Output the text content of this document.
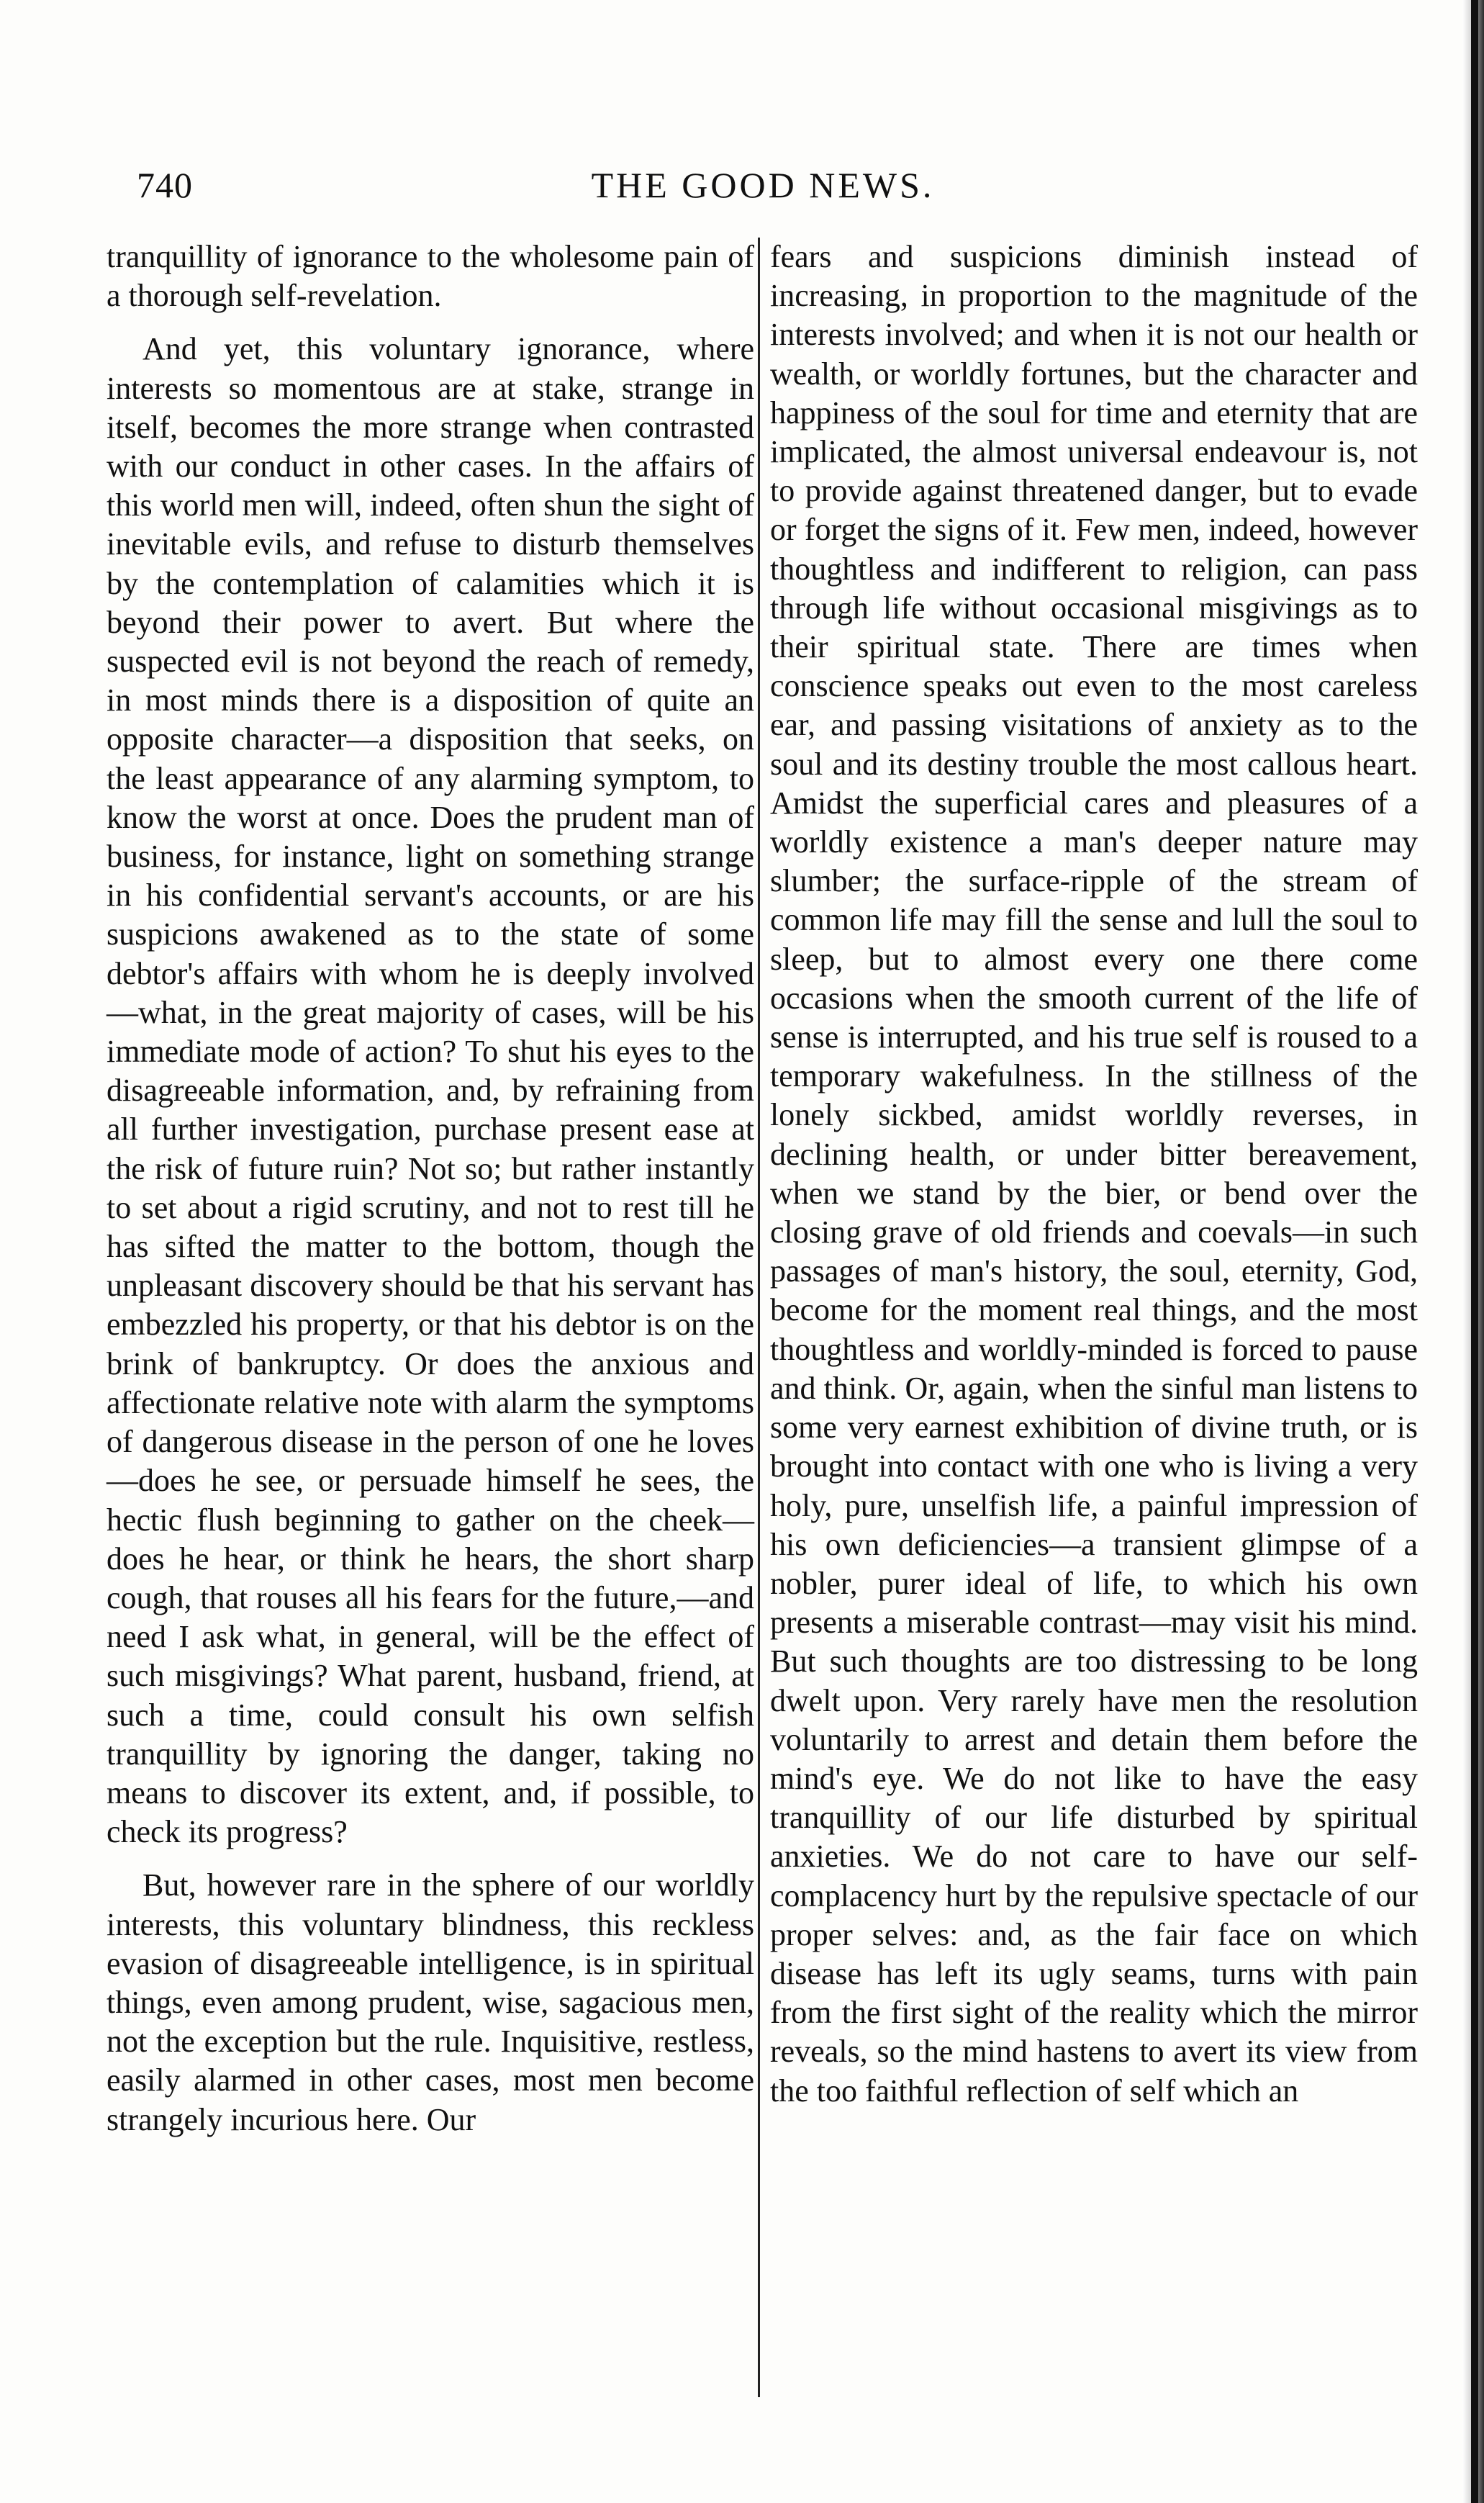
740	THE GOOD NEWS.

tranquillity of ignorance to the wholesome pain of a thorough self-revelation.

And yet, this voluntary ignorance, where interests so momentous are at stake, strange in itself, becomes the more strange when contrasted with our conduct in other cases. In the affairs of this world men will, indeed, often shun the sight of inevitable evils, and refuse to disturb themselves by the contemplation of calamities which it is beyond their power to avert. But where the suspected evil is not beyond the reach of remedy, in most minds there is a disposition of quite an opposite character—a disposition that seeks, on the least appearance of any alarming symptom, to know the worst at once. Does the prudent man of business, for instance, light on something strange in his confidential servant's accounts, or are his suspicions awakened as to the state of some debtor's affairs with whom he is deeply involved—what, in the great majority of cases, will be his immediate mode of action? To shut his eyes to the disagreeable information, and, by refraining from all further investigation, purchase present ease at the risk of future ruin? Not so; but rather instantly to set about a rigid scrutiny, and not to rest till he has sifted the matter to the bottom, though the unpleasant discovery should be that his servant has embezzled his property, or that his debtor is on the brink of bankruptcy. Or does the anxious and affectionate relative note with alarm the symptoms of dangerous disease in the person of one he loves—does he see, or persuade himself he sees, the hectic flush beginning to gather on the cheek—does he hear, or think he hears, the short sharp cough, that rouses all his fears for the future,—and need I ask what, in general, will be the effect of such misgivings? What parent, husband, friend, at such a time, could consult his own selfish tranquillity by ignoring the danger, taking no means to discover its extent, and, if possible, to check its progress?

But, however rare in the sphere of our worldly interests, this voluntary blindness, this reckless evasion of disagreeable intelligence, is in spiritual things, even among prudent, wise, sagacious men, not the exception but the rule. Inquisitive, restless, easily alarmed in other cases, most men become strangely incurious here. Our

fears and suspicions diminish instead of increasing, in proportion to the magnitude of the interests involved; and when it is not our health or wealth, or worldly fortunes, but the character and happiness of the soul for time and eternity that are implicated, the almost universal endeavour is, not to provide against threatened danger, but to evade or forget the signs of it. Few men, indeed, however thoughtless and indifferent to religion, can pass through life without occasional misgivings as to their spiritual state. There are times when conscience speaks out even to the most careless ear, and passing visitations of anxiety as to the soul and its destiny trouble the most callous heart. Amidst the superficial cares and pleasures of a worldly existence a man's deeper nature may slumber; the surface-ripple of the stream of common life may fill the sense and lull the soul to sleep, but to almost every one there come occasions when the smooth current of the life of sense is interrupted, and his true self is roused to a temporary wakefulness. In the stillness of the lonely sickbed, amidst worldly reverses, in declining health, or under bitter bereavement, when we stand by the bier, or bend over the closing grave of old friends and coevals—in such passages of man's history, the soul, eternity, God, become for the moment real things, and the most thoughtless and worldly-minded is forced to pause and think. Or, again, when the sinful man listens to some very earnest exhibition of divine truth, or is brought into contact with one who is living a very holy, pure, unselfish life, a painful impression of his own deficiencies—a transient glimpse of a nobler, purer ideal of life, to which his own presents a miserable contrast—may visit his mind. But such thoughts are too distressing to be long dwelt upon. Very rarely have men the resolution voluntarily to arrest and detain them before the mind's eye. We do not like to have the easy tranquillity of our life disturbed by spiritual anxieties. We do not care to have our self-complacency hurt by the repulsive spectacle of our proper selves: and, as the fair face on which disease has left its ugly seams, turns with pain from the first sight of the reality which the mirror reveals, so the mind hastens to avert its view from the too faithful reflection of self which an
